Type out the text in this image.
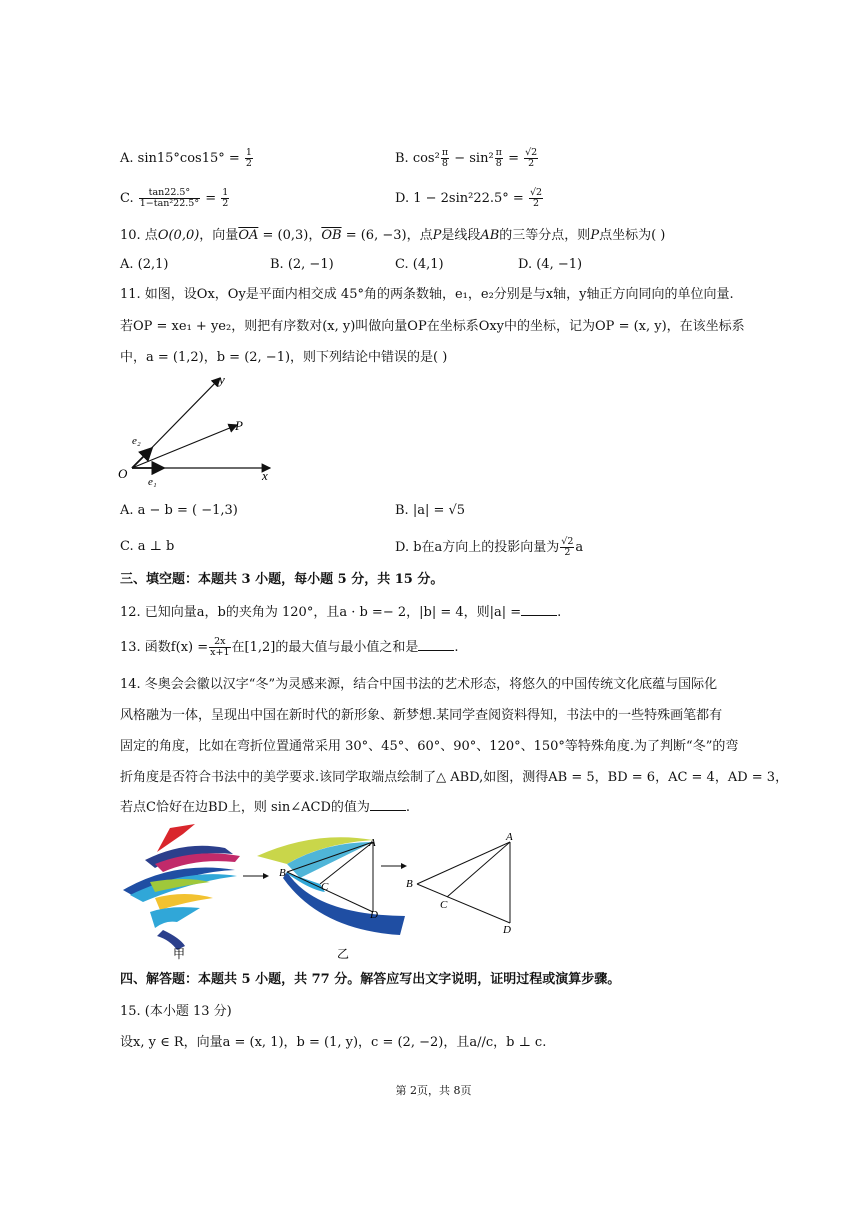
A. $\sin 15^\circ\cos 15^\circ = \frac{1}{2}$	B. $\cos^2 \frac{\pi}{8} - \sin^2 \frac{\pi}{8} = \frac{√2}{2}$
C. $\frac{\tan 22.5^\circ}{\text{1−tan²22.5°}} = \frac{1}{2}$	D. $1 - 2\sin^222.5^\circ = \frac{√2}{2}$
10. 点O(0,0)，向量$\overline{OA} = (0,3)$，$\overline{OB} = (6$, −3)，点P是线段AB的三等分点，则P点坐标为( )
A. (2,1)	B. (2, −1)	C. (4,1)	D. (4, −1)
11. 如图，设Ox，Oy是平面内相交成 45°角的两条数轴，e₁，e₂分别是与x轴，y轴正方向同向的单位向量.
若OP = xe₁ + ye₂，则把有序数对(x, y)叫做向量OP在坐标系Oxy中的坐标，记为OP = (x, y)，在该坐标系
中，a = (1,2)，b = (2, −1)，则下列结论中错误的是( )
y
P
O	x
e₁
e₂
A. a − b = ( −1,3)	B. |a| = √5
C. a ⊥ b	D. b在a方向上的投影向量为 $\frac{√2}{2}$ a
三、填空题：本题共 3 小题，每小题 5 分，共 15 分。
12. 已知向量a，b的夹角为 120°，且a · b =− 2，|b| = 4，则|a| =	.
13. 函数$f(x) = \frac{2x}{x+1}$ 在[1,2]的最大值与最小值之和是	.
14. 冬奥会会徽以汉字“冬”为灵感来源，结合中国书法的艺术形态，将悠久的中国传统文化底蕴与国际化
风格融为一体，呈现出中国在新时代的新形象、新梦想.某同学查阅资料得知，书法中的一些特殊画笔都有
固定的角度，比如在弯折位置通常采用 30°、45°、60°、90°、120°、150°等特殊角度.为了判断“冬”的弯
折角度是否符合书法中的美学要求.该同学取端点绘制了△ ABD,如图，测得AB = 5，BD = 6，AC = 4，AD = 3，
若点C恰好在边BD上，则 sin∠ACD的值为	.
甲
A
B
C
D
乙
A
B
C
D
四、解答题：本题共 5 小题，共 77 分。解答应写出文字说明，证明过程或演算步骤。
15. (本小题 13 分)
设x, y ∈ R，向量a = (x, 1)，b = (1, y)，c = (2, −2)，且a//c，b ⊥ c.
第 2页，共 8页
